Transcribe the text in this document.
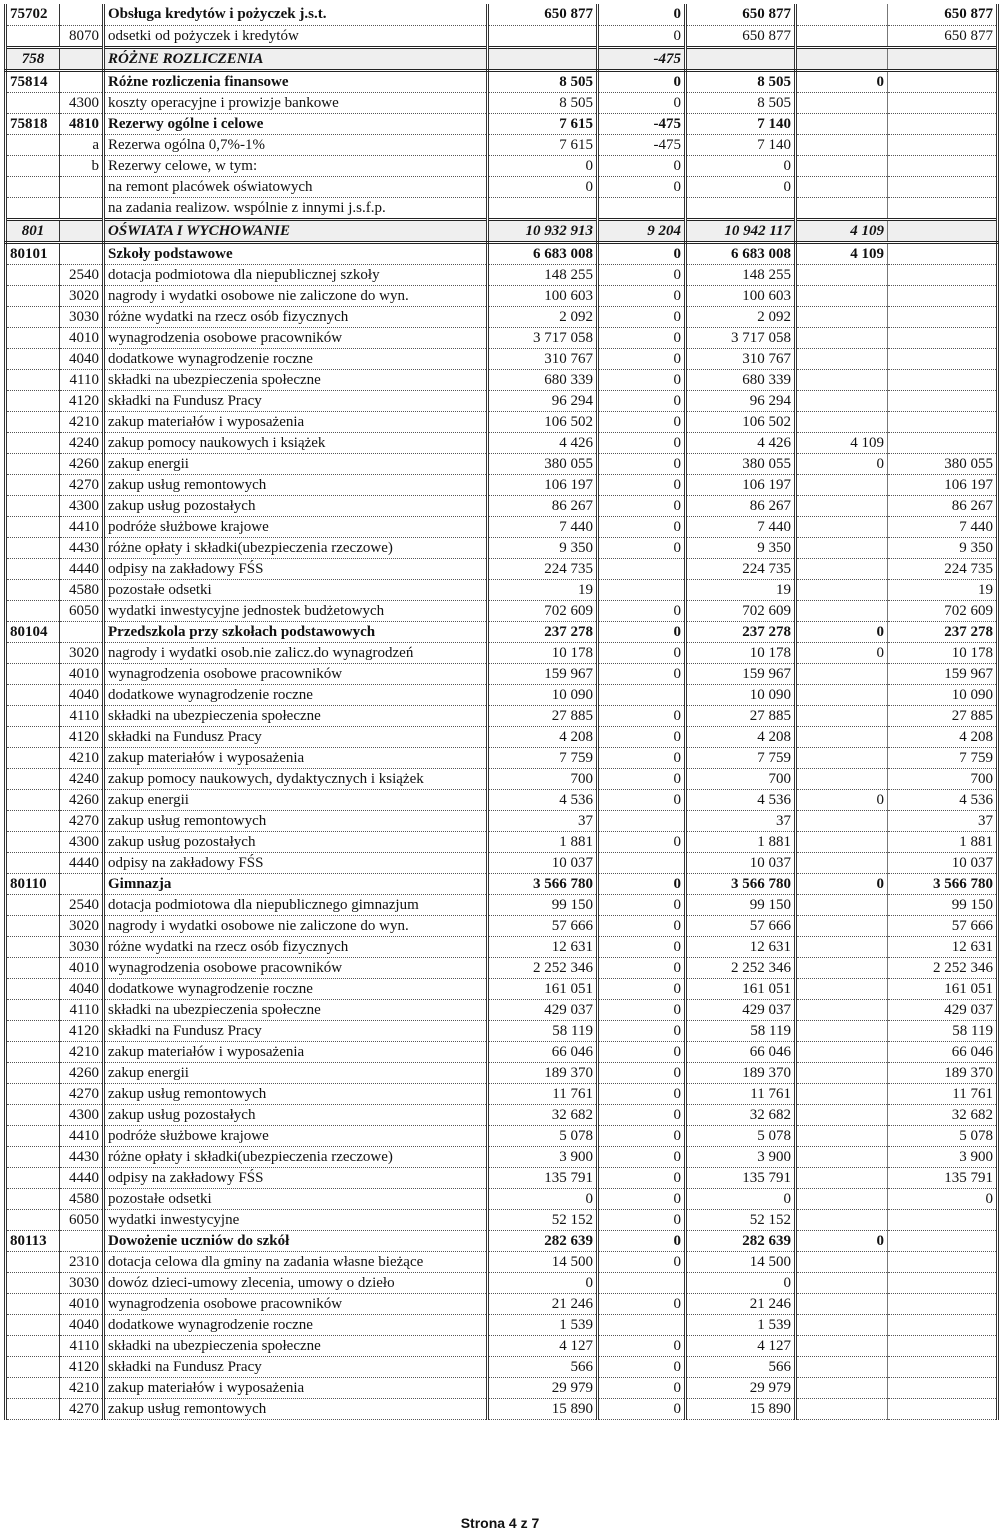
75702		Obsługa kredytów i pożyczek j.s.t.	650 877	0	650 877		650 877
	8070	odsetki od pożyczek i kredytów		0	650 877		650 877
758		RÓŻNE ROZLICZENIA		-475			
75814		Różne rozliczenia finansowe	8 505	0	8 505	0	
	4300	koszty operacyjne i prowizje bankowe	8 505	0	8 505		
75818	4810	Rezerwy ogólne i celowe	7 615	-475	7 140		
	a	Rezerwa ogólna 0,7%-1%	7 615	-475	7 140		
	b	Rezerwy celowe, w tym:	0	0	0		
		na remont placówek oświatowych	0	0	0		
		na zadania realizow. wspólnie z innymi j.s.f.p.					
801		OŚWIATA I WYCHOWANIE	10 932 913	9 204	10 942 117	4 109	
80101		Szkoły podstawowe	6 683 008	0	6 683 008	4 109	
	2540	dotacja podmiotowa dla niepublicznej szkoły	148 255	0	148 255		
	3020	nagrody i wydatki osobowe nie zaliczone do wyn.	100 603	0	100 603		
	3030	różne wydatki na rzecz osób fizycznych	2 092	0	2 092		
	4010	wynagrodzenia osobowe pracowników	3 717 058	0	3 717 058		
	4040	dodatkowe wynagrodzenie roczne	310 767	0	310 767		
	4110	składki na ubezpieczenia społeczne	680 339	0	680 339		
	4120	składki na Fundusz Pracy	96 294	0	96 294		
	4210	zakup materiałów i wyposażenia	106 502	0	106 502		
	4240	zakup pomocy naukowych i książek	4 426	0	4 426	4 109	
	4260	zakup energii	380 055	0	380 055	0	380 055
	4270	zakup usług remontowych	106 197	0	106 197		106 197
	4300	zakup usług pozostałych	86 267	0	86 267		86 267
	4410	podróże służbowe krajowe	7 440	0	7 440		7 440
	4430	różne opłaty i składki(ubezpieczenia rzeczowe)	9 350	0	9 350		9 350
	4440	odpisy na zakładowy FŚS	224 735		224 735		224 735
	4580	pozostałe odsetki	19		19		19
	6050	wydatki inwestycyjne jednostek budżetowych	702 609	0	702 609		702 609
80104		Przedszkola przy szkołach podstawowych	237 278	0	237 278	0	237 278
	3020	nagrody i wydatki osob.nie zalicz.do wynagrodzeń	10 178	0	10 178	0	10 178
	4010	wynagrodzenia osobowe pracowników	159 967	0	159 967		159 967
	4040	dodatkowe wynagrodzenie roczne	10 090		10 090		10 090
	4110	składki na ubezpieczenia społeczne	27 885	0	27 885		27 885
	4120	składki na Fundusz Pracy	4 208	0	4 208		4 208
	4210	zakup materiałów i wyposażenia	7 759	0	7 759		7 759
	4240	zakup pomocy naukowych, dydaktycznych i książek	700	0	700		700
	4260	zakup energii	4 536	0	4 536	0	4 536
	4270	zakup usług remontowych	37		37		37
	4300	zakup usług pozostałych	1 881	0	1 881		1 881
	4440	odpisy na zakładowy FŚS	10 037		10 037		10 037
80110		Gimnazja	3 566 780	0	3 566 780	0	3 566 780
	2540	dotacja podmiotowa dla niepublicznego gimnazjum	99 150	0	99 150		99 150
	3020	nagrody i wydatki osobowe nie zaliczone do wyn.	57 666	0	57 666		57 666
	3030	różne wydatki na rzecz osób fizycznych	12 631	0	12 631		12 631
	4010	wynagrodzenia osobowe pracowników	2 252 346	0	2 252 346		2 252 346
	4040	dodatkowe wynagrodzenie roczne	161 051	0	161 051		161 051
	4110	składki na ubezpieczenia społeczne	429 037	0	429 037		429 037
	4120	składki na Fundusz Pracy	58 119	0	58 119		58 119
	4210	zakup materiałów i wyposażenia	66 046	0	66 046		66 046
	4260	zakup energii	189 370	0	189 370		189 370
	4270	zakup usług remontowych	11 761	0	11 761		11 761
	4300	zakup usług pozostałych	32 682	0	32 682		32 682
	4410	podróże służbowe krajowe	5 078	0	5 078		5 078
	4430	różne opłaty i składki(ubezpieczenia rzeczowe)	3 900	0	3 900		3 900
	4440	odpisy na zakładowy FŚS	135 791	0	135 791		135 791
	4580	pozostałe odsetki	0	0	0		0
	6050	wydatki inwestycyjne	52 152	0	52 152		
80113		Dowożenie uczniów do szkół	282 639	0	282 639	0	
	2310	dotacja celowa dla gminy na zadania własne bieżące	14 500	0	14 500		
	3030	dowóz dzieci-umowy zlecenia, umowy o dzieło	0		0		
	4010	wynagrodzenia osobowe pracowników	21 246	0	21 246		
	4040	dodatkowe wynagrodzenie roczne	1 539		1 539		
	4110	składki na ubezpieczenia społeczne	4 127	0	4 127		
	4120	składki na Fundusz Pracy	566	0	566		
	4210	zakup materiałów i wyposażenia	29 979	0	29 979		
	4270	zakup usług remontowych	15 890	0	15 890		
Strona 4 z 7
